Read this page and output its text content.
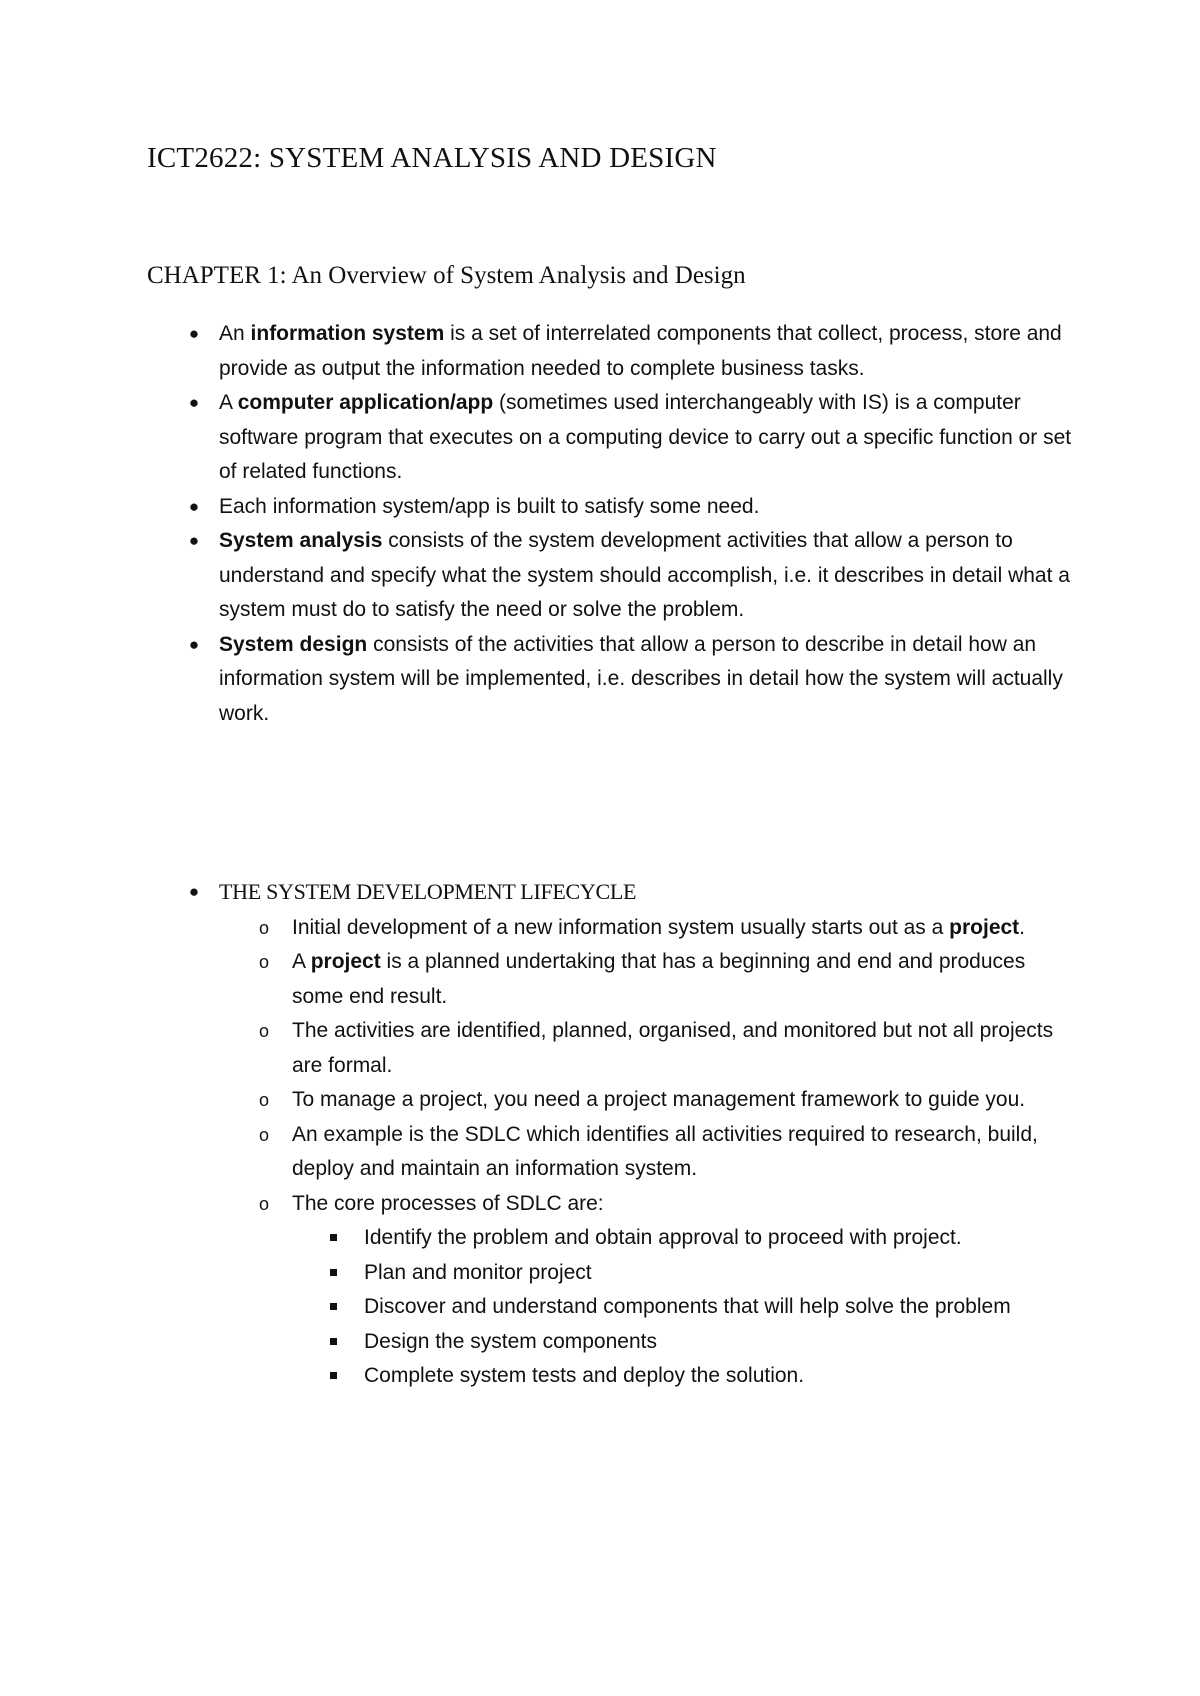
ICT2622: SYSTEM ANALYSIS AND DESIGN
CHAPTER 1: An Overview of System Analysis and Design
● An information system is a set of interrelated components that collect, process, store and provide as output the information needed to complete business tasks.
● A computer application/app (sometimes used interchangeably with IS) is a computer software program that executes on a computing device to carry out a specific function or set of related functions.
● Each information system/app is built to satisfy some need.
● System analysis consists of the system development activities that allow a person to understand and specify what the system should accomplish, i.e. it describes in detail what a system must do to satisfy the need or solve the problem.
● System design consists of the activities that allow a person to describe in detail how an information system will be implemented, i.e. describes in detail how the system will actually work.
● THE SYSTEM DEVELOPMENT LIFECYCLE
o Initial development of a new information system usually starts out as a project.
o A project is a planned undertaking that has a beginning and end and produces some end result.
o The activities are identified, planned, organised, and monitored but not all projects are formal.
o To manage a project, you need a project management framework to guide you.
o An example is the SDLC which identifies all activities required to research, build, deploy and maintain an information system.
o The core processes of SDLC are:
Identify the problem and obtain approval to proceed with project.
Plan and monitor project
Discover and understand components that will help solve the problem
Design the system components
Complete system tests and deploy the solution.
